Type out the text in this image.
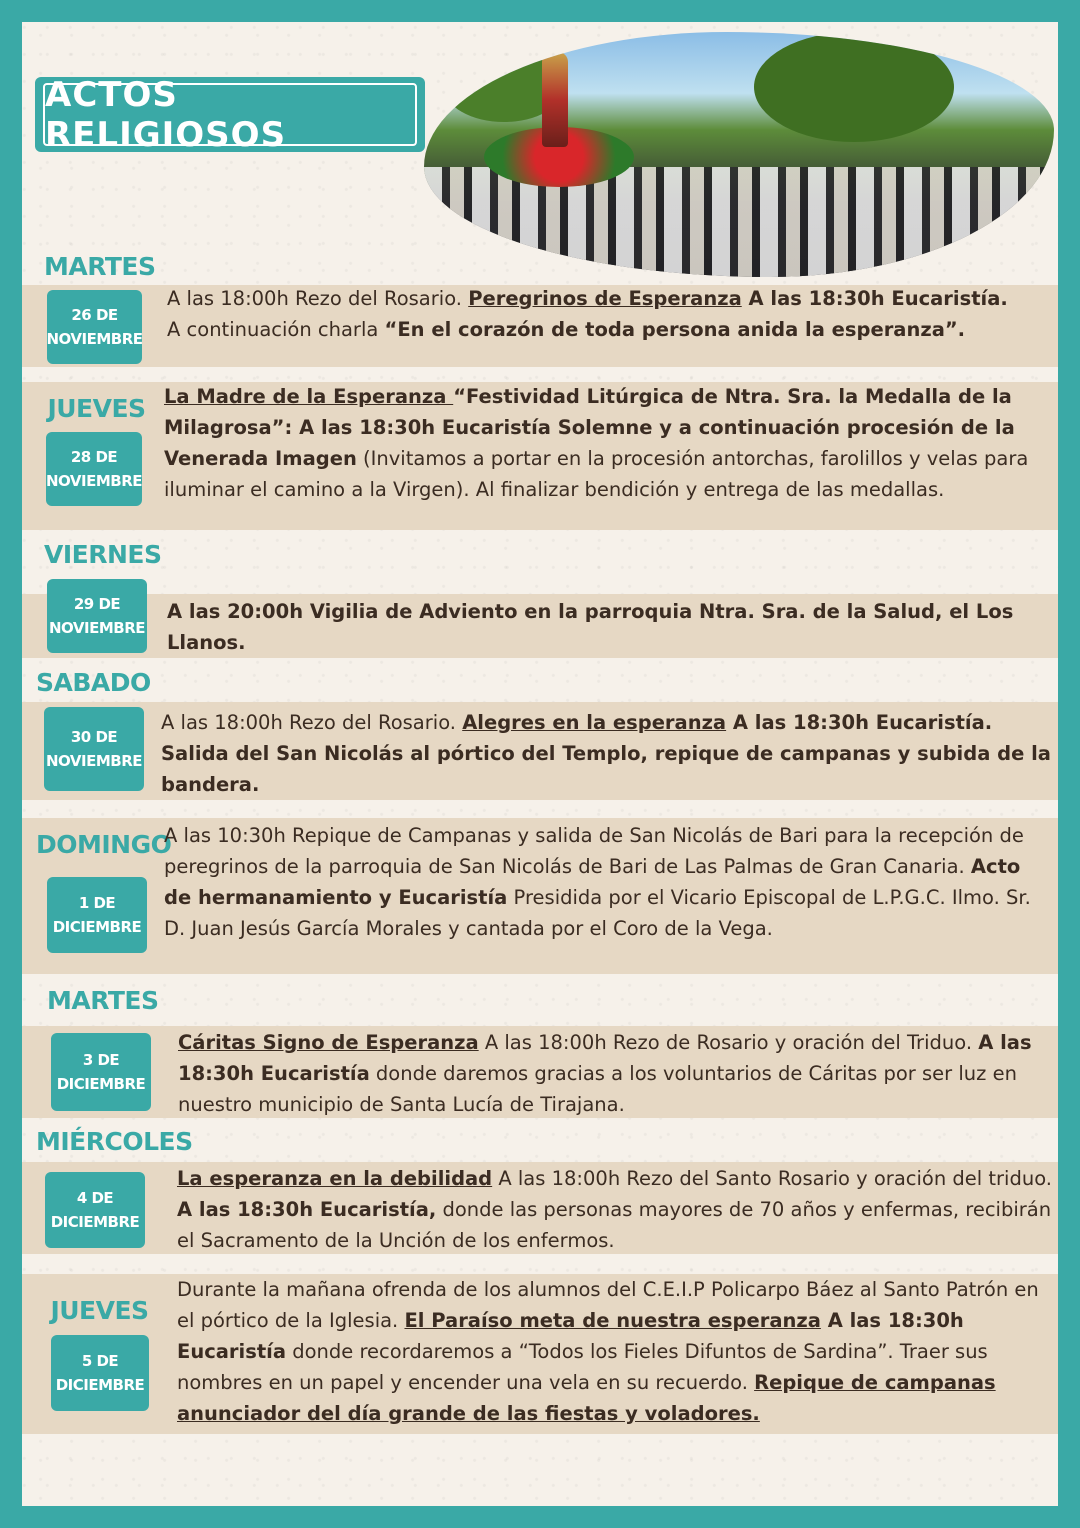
ACTOS RELIGIOSOS
MARTES
26 DE
NOVIEMBRE
A las 18:00h Rezo del Rosario. Peregrinos de Esperanza A las 18:30h Eucaristía. A continuación charla “En el corazón de toda persona anida la esperanza”.
JUEVES
28 DE
NOVIEMBRE
La Madre de la Esperanza “Festividad Litúrgica de Ntra. Sra. la Medalla de la Milagrosa”: A las 18:30h Eucaristía Solemne y a continuación procesión de la Venerada Imagen (Invitamos a portar en la procesión antorchas, farolillos y velas para iluminar el camino a la Virgen). Al finalizar bendición y entrega de las medallas.
VIERNES
29 DE
NOVIEMBRE
A las 20:00h Vigilia de Adviento en la parroquia Ntra. Sra. de la Salud, el Los Llanos.
SABADO
30 DE
NOVIEMBRE
A las 18:00h Rezo del Rosario. Alegres en la esperanza A las 18:30h Eucaristía. Salida del San Nicolás al pórtico del Templo, repique de campanas y subida de la bandera.
DOMINGO
1 DE
DICIEMBRE
A las 10:30h Repique de Campanas y salida de San Nicolás de Bari para la recepción de peregrinos de la parroquia de San Nicolás de Bari de Las Palmas de Gran Canaria. Acto de hermanamiento y Eucaristía Presidida por el Vicario Episcopal de L.P.G.C. Ilmo. Sr. D. Juan Jesús García Morales y cantada por el Coro de la Vega.
MARTES
3 DE
DICIEMBRE
Cáritas Signo de Esperanza A las 18:00h Rezo de Rosario y oración del Triduo. A las 18:30h Eucaristía donde daremos gracias a los voluntarios de Cáritas por ser luz en nuestro municipio de Santa Lucía de Tirajana.
MIÉRCOLES
4 DE
DICIEMBRE
La esperanza en la debilidad A las 18:00h Rezo del Santo Rosario y oración del triduo. A las 18:30h Eucaristía, donde las personas mayores de 70 años y enfermas, recibirán el Sacramento de la Unción de los enfermos.
JUEVES
5 DE
DICIEMBRE
Durante la mañana ofrenda de los alumnos del C.E.I.P Policarpo Báez al Santo Patrón en el pórtico de la Iglesia. El Paraíso meta de nuestra esperanza A las 18:30h Eucaristía donde recordaremos a “Todos los Fieles Difuntos de Sardina”. Traer sus nombres en un papel y encender una vela en su recuerdo. Repique de campanas anunciador del día grande de las fiestas y voladores.
